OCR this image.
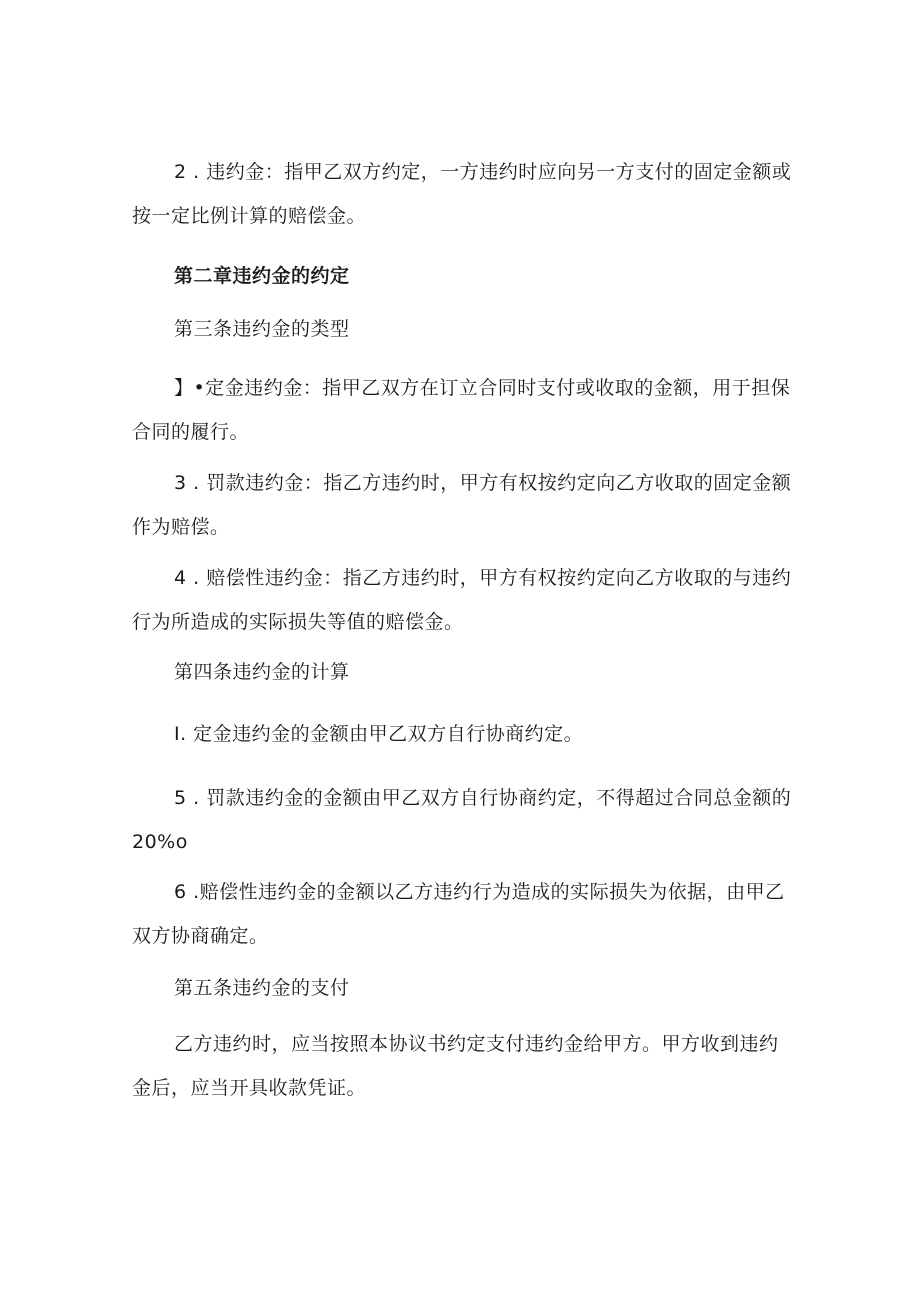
2 . 违约金：指甲乙双方约定，一方违约时应向另一方支付的固定金额或按一定比例计算的赔偿金。

第二章违约金的约定

第三条违约金的类型

】•定金违约金：指甲乙双方在订立合同时支付或收取的金额，用于担保合同的履行。

3 . 罚款违约金：指乙方违约时，甲方有权按约定向乙方收取的固定金额作为赔偿。

4 . 赔偿性违约金：指乙方违约时，甲方有权按约定向乙方收取的与违约行为所造成的实际损失等值的赔偿金。

第四条违约金的计算

I. 定金违约金的金额由甲乙双方自行协商约定。

5 . 罚款违约金的金额由甲乙双方自行协商约定，不得超过合同总金额的20%o

6 .赔偿性违约金的金额以乙方违约行为造成的实际损失为依据，由甲乙双方协商确定。

第五条违约金的支付

乙方违约时，应当按照本协议书约定支付违约金给甲方。甲方收到违约金后，应当开具收款凭证。
